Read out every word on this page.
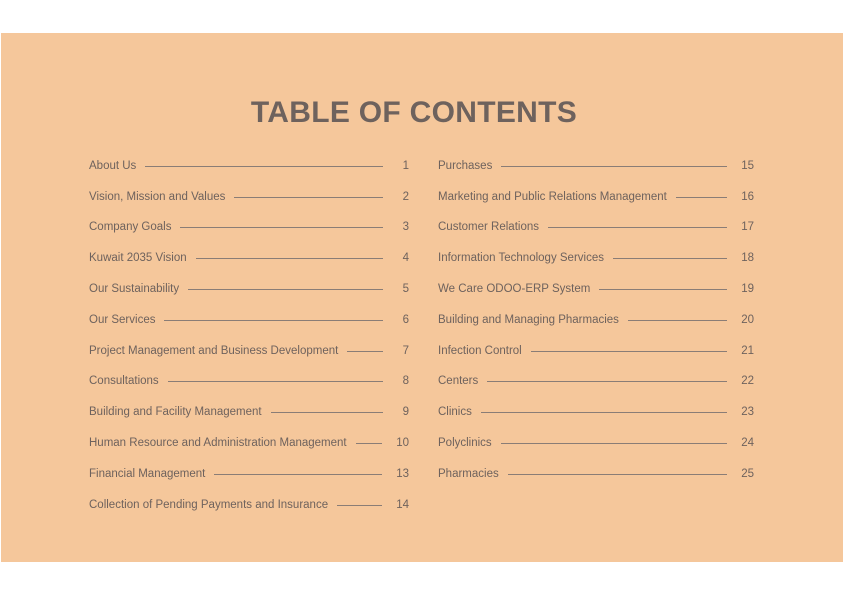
TABLE OF CONTENTS
About Us	1
Vision, Mission and Values	2
Company Goals	3
Kuwait 2035 Vision	4
Our Sustainability	5
Our Services	6
Project Management and Business Development	7
Consultations	8
Building and Facility Management	9
Human Resource and Administration Management	10
Financial Management	13
Collection of Pending Payments and Insurance	14
Purchases	15
Marketing and Public Relations Management	16
Customer Relations	17
Information Technology Services	18
We Care ODOO-ERP System	19
Building and Managing Pharmacies	20
Infection Control	21
Centers	22
Clinics	23
Polyclinics	24
Pharmacies	25
